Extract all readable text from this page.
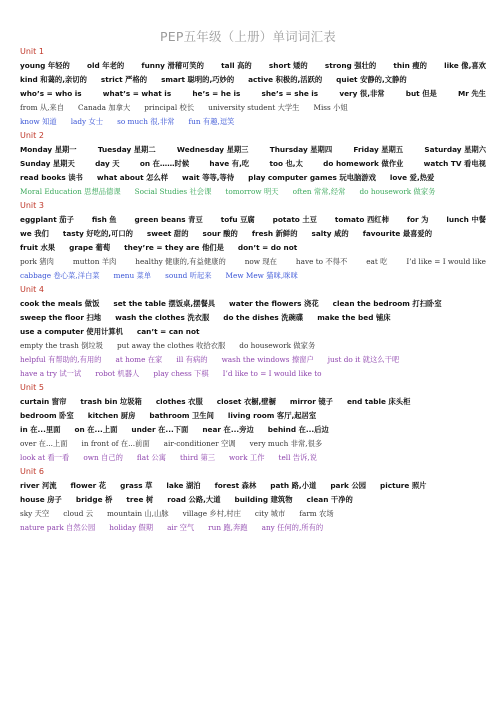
PEP五年级（上册）单词词汇表
Unit 1
young 年轻的 old 年老的 funny 滑稽可笑的 tall 高的 short 矮的 strong 强壮的 thin 瘦的 like 像,喜欢
kind 和蔼的,亲切的 strict 严格的 smart 聪明的,巧妙的 active 积极的,活跃的 quiet 安静的,文静的
who’s = who is	what’s = what is	he’s = he is	she’s = she is	very 很,非常	but 但是	Mr 先生
from 从,来自 Canada 加拿大 principal 校长 university student 大学生 Miss 小姐
know 知道 lady 女士 so much 很,非常 fun 有趣,逗笑
Unit 2
Monday 星期一	Tuesday 星期二	Wednesday 星期三	Thursday 星期四	Friday 星期五	Saturday 星期六
Sunday 星期天	day 天	on 在……时候	have 有,吃	too 也,太	do homework 做作业	watch TV 看电视
read books 读书 what about 怎么样 wait 等等,等待 play computer games 玩电脑游戏 love 爱,热爱
Moral Education 思想品德课 Social Studies 社会课 tomorrow 明天 often 常常,经常 do housework 做家务
Unit 3
eggplant 茄子 fish 鱼 green beans 青豆 tofu 豆腐 potato 土豆 tomato 西红柿 for 为 lunch 中餐
we 我们 tasty 好吃的,可口的 sweet 甜的 sour 酸的 fresh 新鲜的 salty 咸的 favourite 最喜爱的
fruit 水果 grape 葡萄 they’re = they are 他们是 don’t = do not
pork 猪肉	mutton 羊肉	healthy 健康的,有益健康的	now 现在	have to 不得不	eat 吃	I’d like = I would like
cabbage 卷心菜,洋白菜 menu 菜单 sound 听起来 Mew Mew 猫咪,咪咪
Unit 4
cook the meals 做饭 set the table 摆饭桌,摆餐具 water the flowers 浇花 clean the bedroom 打扫卧室
sweep the floor 扫地 wash the clothes 洗衣服 do the dishes 洗碗碟 make the bed 铺床
use a computer 使用计算机 can’t = can not
empty the trash 倒垃圾 put away the clothes 收拾衣服 do housework 做家务
helpful 有帮助的,有用的 at home 在家 ill 有病的 wash the windows 擦窗户 just do it 就这么干吧
have a try 试一试 robot 机器人 play chess 下棋 I’d like to = I would like to
Unit 5
curtain 窗帘 trash bin 垃圾箱 clothes 衣服 closet 衣橱,壁橱 mirror 镜子 end table 床头柜
bedroom 卧室 kitchen 厨房 bathroom 卫生间 living room 客厅,起居室
in 在...里面 on 在...上面 under 在...下面 near 在...旁边 behind 在...后边
over 在...上面 in front of 在...前面 air-conditioner 空调 very much 非常,很多
look at 看一看 own 自己的 flat 公寓 third 第三 work 工作 tell 告诉,说
Unit 6
river 河流 flower 花 grass 草 lake 湖泊 forest 森林 path 路,小道 park 公园 picture 照片
house 房子 bridge 桥 tree 树 road 公路,大道 building 建筑物 clean 干净的
sky 天空 cloud 云 mountain 山,山脉 village 乡村,村庄 city 城市 farm 农场
nature park 自然公园 holiday 假期 air 空气 run 跑,奔跑 any 任何的,所有的
